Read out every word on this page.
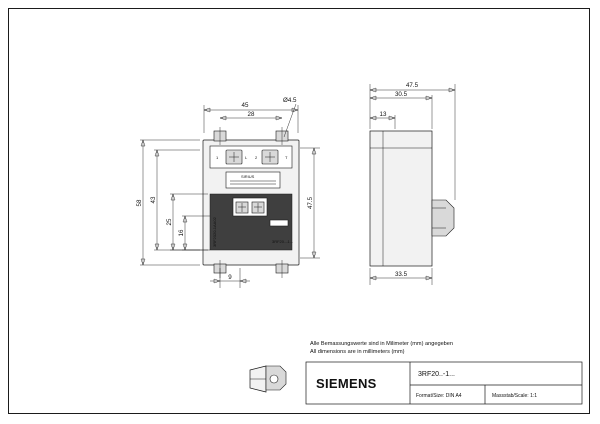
1	2
L	T
SIRIUS
3RF2020-1AA02	3RF20..-1...
45
28
Ø4.5
58 43
25
16
47.5
9
47.5
30.5
13
33.5
Alle Bemassungswerte sind in Milimeter (mm) angegeben
All dimensions are in millimeters (mm)
SIEMENS
3RF20..-1...
Format/Size: DIN A4	Massstab/Scale: 1:1
